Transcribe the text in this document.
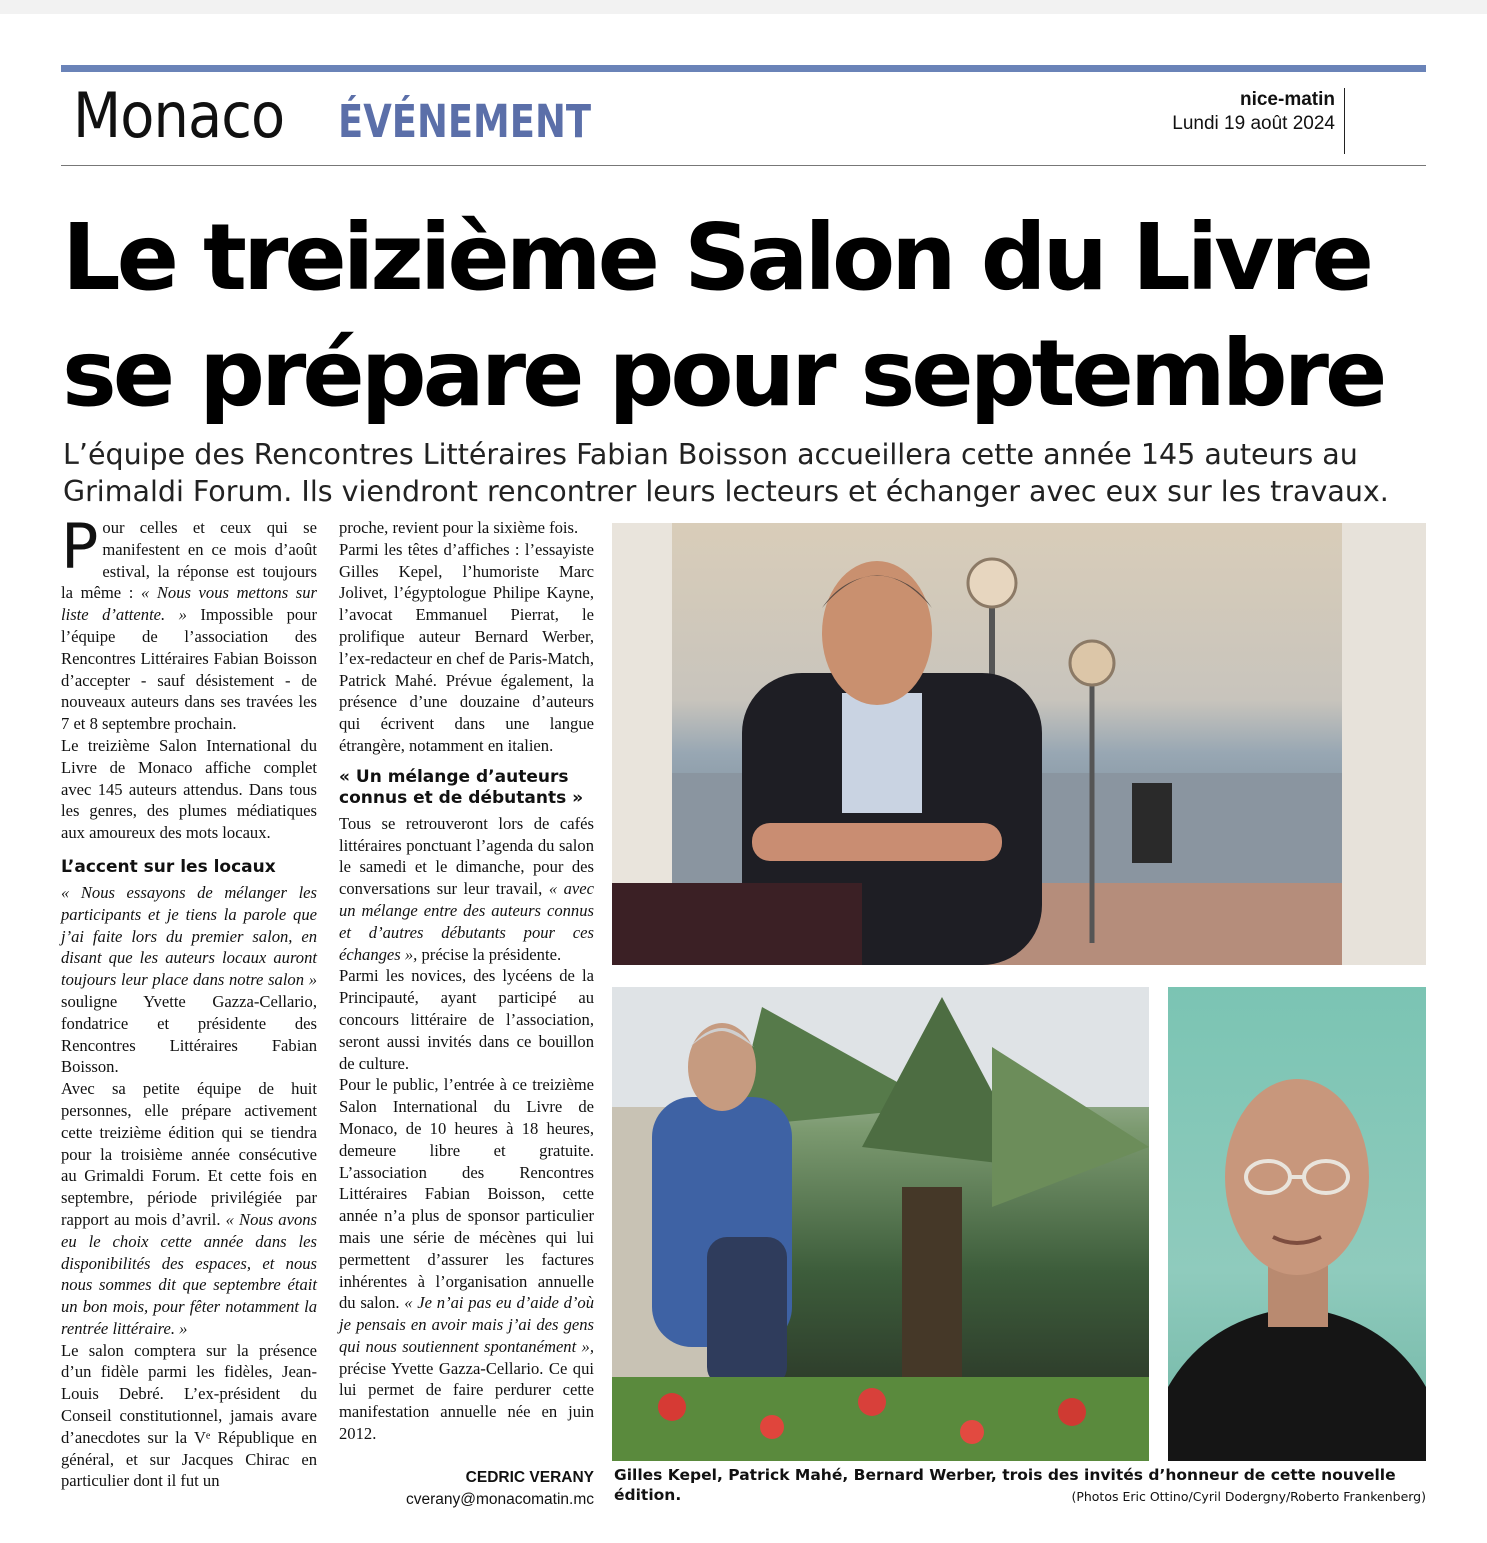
Monaco ÉVÉNEMENT	nice-matin
Lundi 19 août 2024
Le treizième Salon du Livre
se prépare pour septembre
L’équipe des Rencontres Littéraires Fabian Boisson accueillera cette année 145 auteurs au
Grimaldi Forum. Ils viendront rencontrer leurs lecteurs et échanger avec eux sur les travaux.

Pour celles et ceux qui se manifestent en ce mois d’août estival, la réponse est toujours la même : « Nous vous mettons sur liste d’attente. » Impossible pour l’équipe de l’association des Rencontres Littéraires Fabian Boisson d’accepter - sauf désistement - de nouveaux auteurs dans ses travées les 7 et 8 septembre prochain.

Le treizième Salon International du Livre de Monaco affiche complet avec 145 auteurs attendus. Dans tous les genres, des plumes médiatiques aux amoureux des mots locaux.

L’accent sur les locaux

« Nous essayons de mélanger les participants et je tiens la parole que j’ai faite lors du premier salon, en disant que les auteurs locaux auront toujours leur place dans notre salon » souligne Yvette Gazza-Cellario, fondatrice et présidente des Rencontres Littéraires Fabian Boisson.

Avec sa petite équipe de huit personnes, elle prépare activement cette treizième édition qui se tiendra pour la troisième année consécutive au Grimaldi Forum. Et cette fois en septembre, période privilégiée par rapport au mois d’avril. « Nous avons eu le choix cette année dans les disponibilités des espaces, et nous nous sommes dit que septembre était un bon mois, pour fêter notamment la rentrée littéraire. »

Le salon comptera sur la présence d’un fidèle parmi les fidèles, Jean-Louis Debré. L’ex-président du Conseil constitutionnel, jamais avare d’anecdotes sur la Vᵉ République en général, et sur Jacques Chirac en particulier dont il fut un

proche, revient pour la sixième fois.

Parmi les têtes d’affiches : l’essayiste Gilles Kepel, l’humoriste Marc Jolivet, l’égyptologue Philipe Kayne, l’avocat Emmanuel Pierrat, le prolifique auteur Bernard Werber, l’ex-redacteur en chef de Paris-Match, Patrick Mahé. Prévue également, la présence d’une douzaine d’auteurs qui écrivent dans une langue étrangère, notamment en italien.

« Un mélange d’auteurs connus et de débutants »

Tous se retrouveront lors de cafés littéraires ponctuant l’agenda du salon le samedi et le dimanche, pour des conversations sur leur travail, « avec un mélange entre des auteurs connus et d’autres débutants pour ces échanges », précise la présidente.

Parmi les novices, des lycéens de la Principauté, ayant participé au concours littéraire de l’association, seront aussi invités dans ce bouillon de culture.

Pour le public, l’entrée à ce treizième Salon International du Livre de Monaco, de 10 heures à 18 heures, demeure libre et gratuite. L’association des Rencontres Littéraires Fabian Boisson, cette année n’a plus de sponsor particulier mais une série de mécènes qui lui permettent d’assurer les factures inhérentes à l’organisation annuelle du salon. « Je n’ai pas eu d’aide d’où je pensais en avoir mais j’ai des gens qui nous soutiennent spontanément », précise Yvette Gazza-Cellario. Ce qui lui permet de faire perdurer cette manifestation annuelle née en juin 2012.

CEDRIC VERANY
cverany@monacomatin.mc
Gilles Kepel, Patrick Mahé, Bernard Werber, trois des invités d’honneur de cette nouvelle édition.	(Photos Eric Ottino/Cyril Dodergny/Roberto Frankenberg)
